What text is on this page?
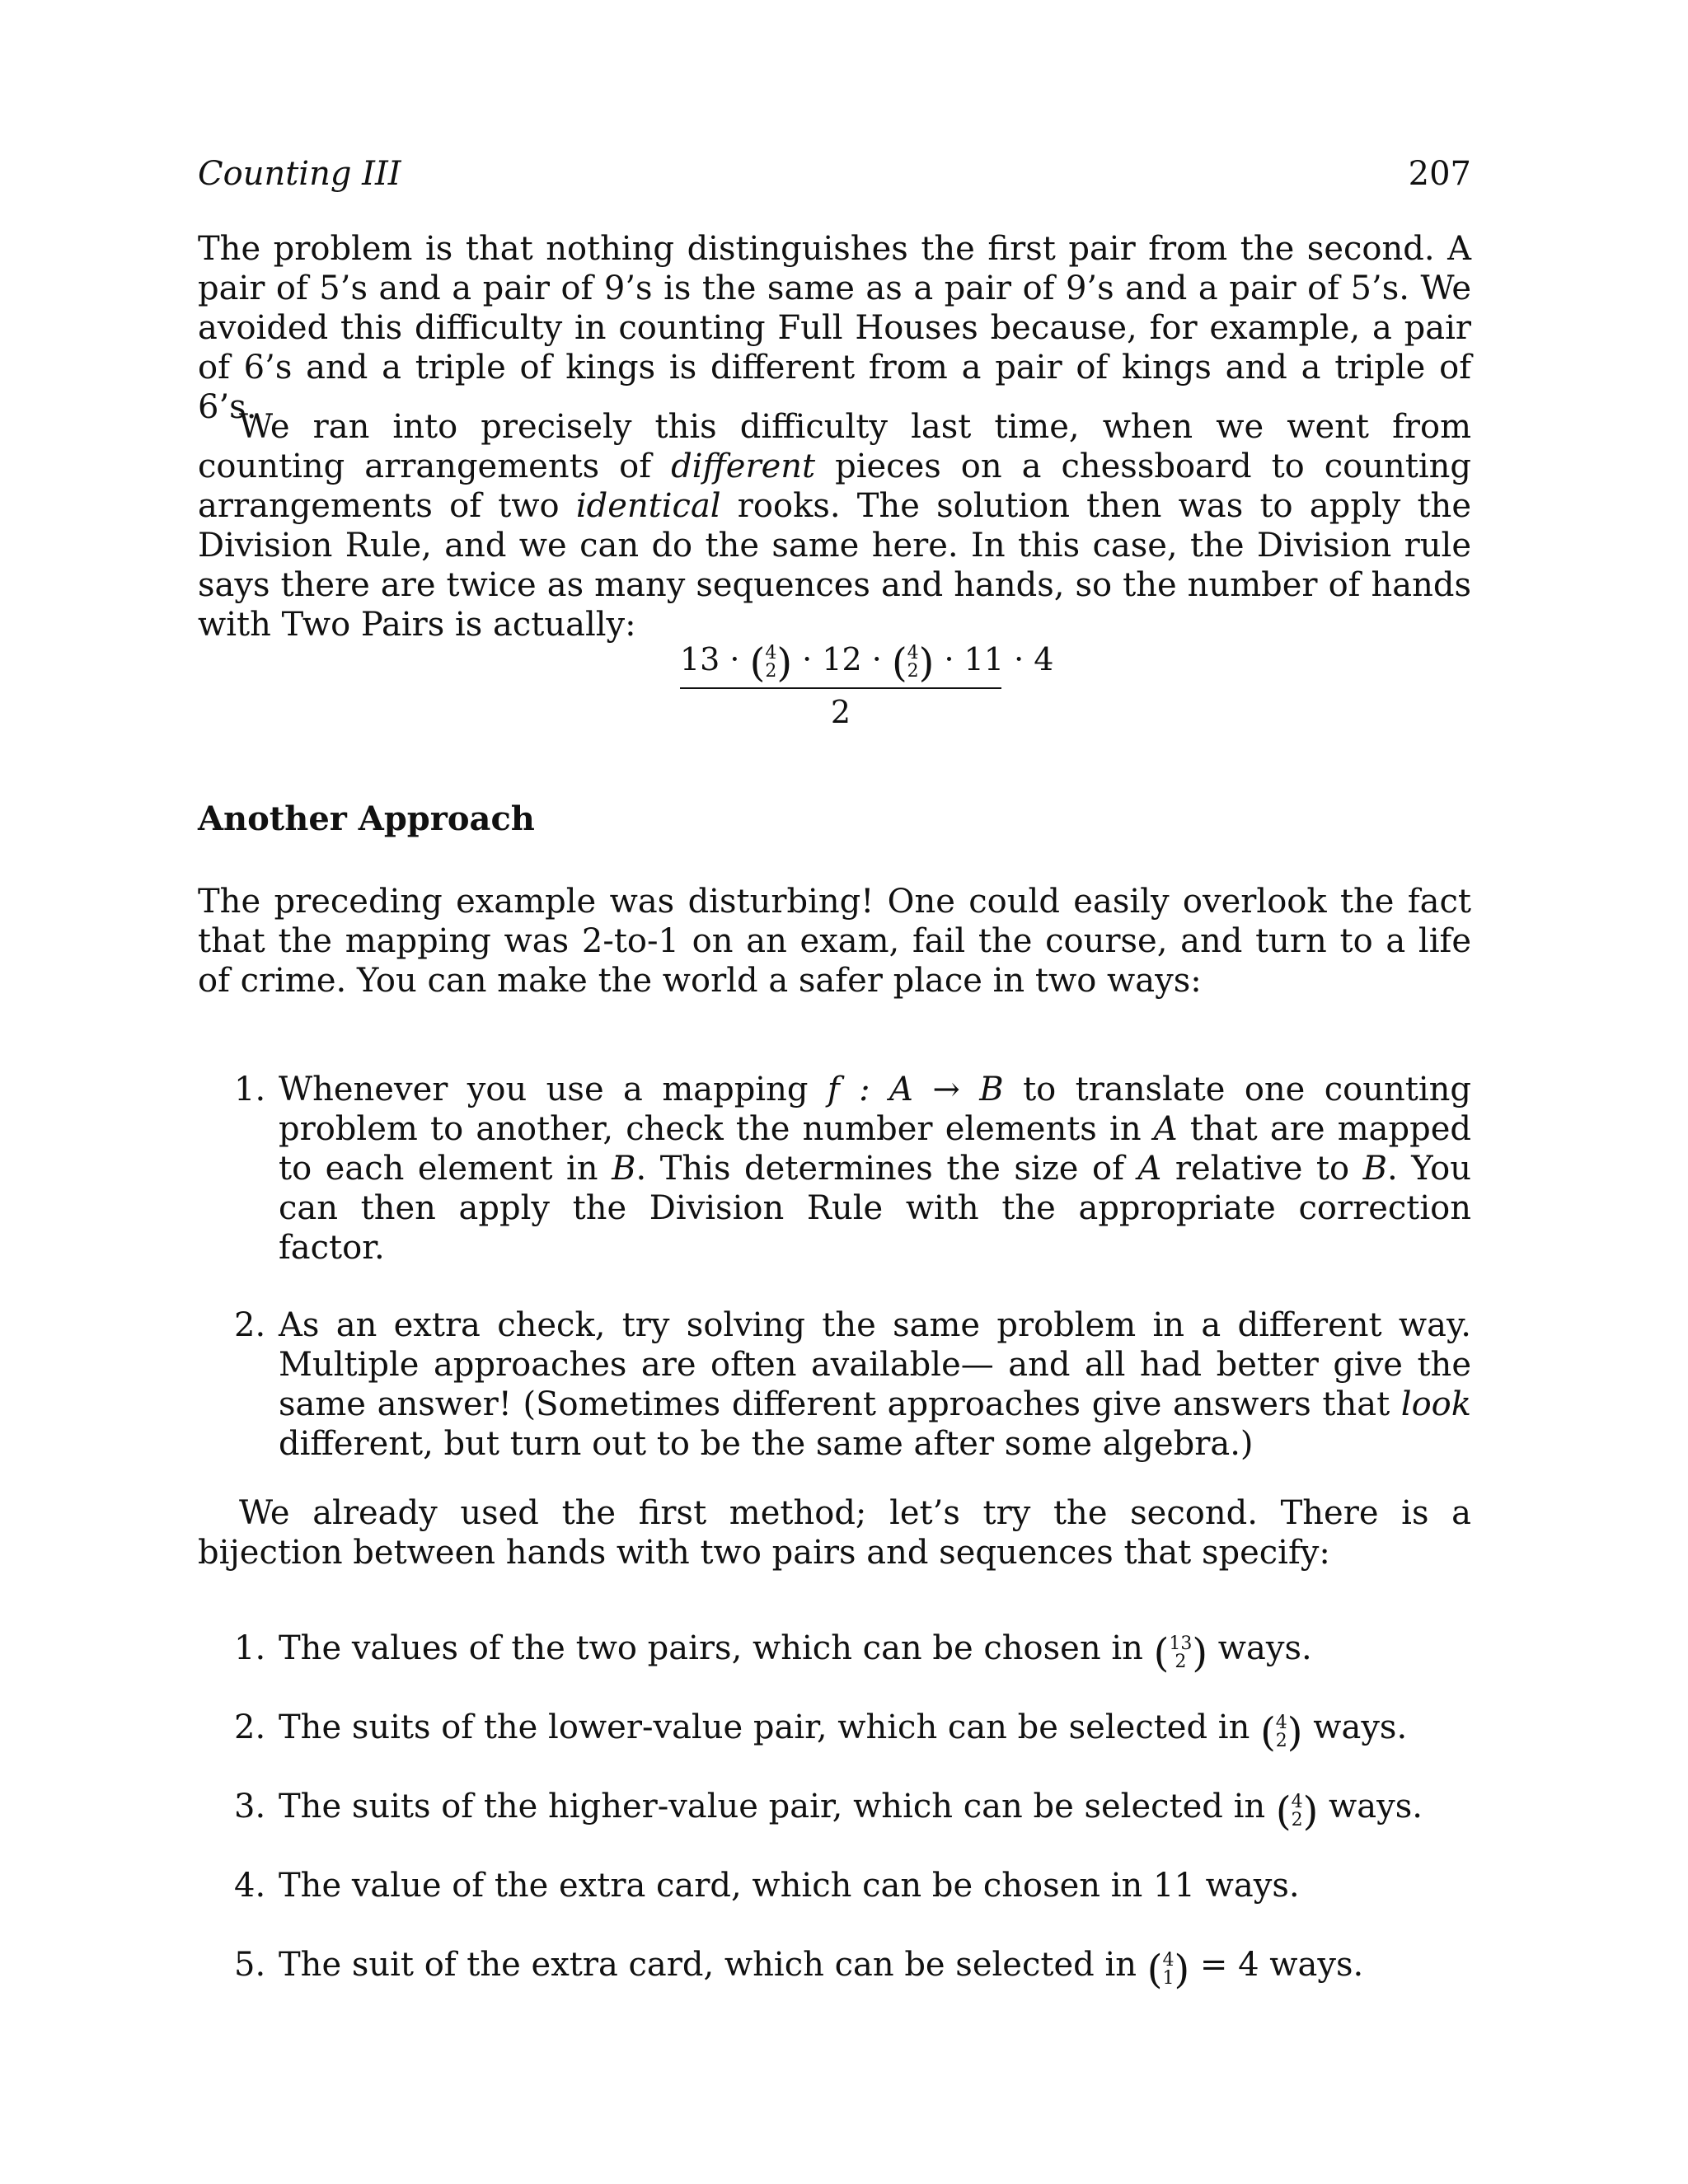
Counting III	207

The problem is that nothing distinguishes the first pair from the second. A pair of 5’s and a pair of 9’s is the same as a pair of 9’s and a pair of 5’s. We avoided this difficulty in counting Full Houses because, for example, a pair of 6’s and a triple of kings is different from a pair of kings and a triple of 6’s.

We ran into precisely this difficulty last time, when we went from counting arrangements of different pieces on a chessboard to counting arrangements of two identical rooks. The solution then was to apply the Division Rule, and we can do the same here. In this case, the Division rule says there are twice as many sequences and hands, so the number of hands with Two Pairs is actually:

13 · (4
2) · 12 · (4
2) · 11 · 4
2
Another Approach

The preceding example was disturbing! One could easily overlook the fact that the mapping was 2-to-1 on an exam, fail the course, and turn to a life of crime. You can make the world a safer place in two ways:

1. Whenever you use a mapping f : A → B to translate one counting problem to another, check the number elements in A that are mapped to each element in B. This determines the size of A relative to B. You can then apply the Division Rule with the appropriate correction factor.
2. As an extra check, try solving the same problem in a different way. Multiple approaches are often available— and all had better give the same answer! (Sometimes different approaches give answers that look different, but turn out to be the same after some algebra.)

We already used the first method; let’s try the second. There is a bijection between hands with two pairs and sequences that specify:

1. The values of the two pairs, which can be chosen in (13
2 ) ways.
2. The suits of the lower-value pair, which can be selected in (4
2) ways.
3. The suits of the higher-value pair, which can be selected in (4
2) ways.
4. The value of the extra card, which can be chosen in 11 ways.
5. The suit of the extra card, which can be selected in (4
1) = 4 ways.
